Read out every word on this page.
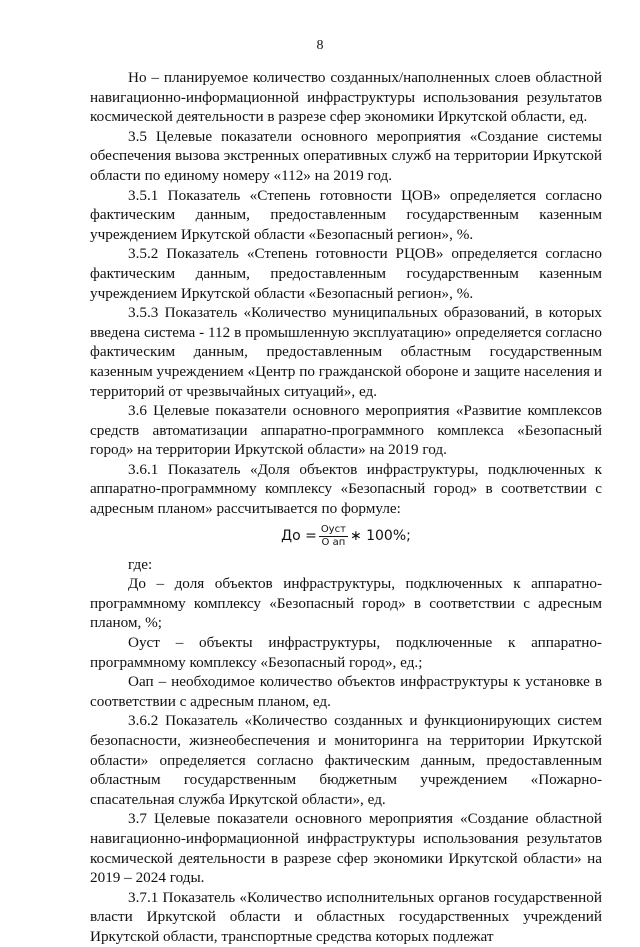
8

Но – планируемое количество созданных/наполненных слоев областной навигационно-информационной инфраструктуры использования результатов космической деятельности в разрезе сфер экономики Иркутской области, ед.

3.5 Целевые показатели основного мероприятия «Создание системы обеспечения вызова экстренных оперативных служб на территории Иркутской области по единому номеру «112» на 2019 год.

3.5.1 Показатель «Степень готовности ЦОВ» определяется согласно фактическим данным, предоставленным государственным казенным учреждением Иркутской области «Безопасный регион», %.

3.5.2 Показатель «Степень готовности РЦОВ» определяется согласно фактическим данным, предоставленным государственным казенным учреждением Иркутской области «Безопасный регион», %.

3.5.3 Показатель «Количество муниципальных образований, в которых введена система - 112 в промышленную эксплуатацию» определяется согласно фактическим данным, предоставленным областным государственным казенным учреждением «Центр по гражданской обороне и защите населения и территорий от чрезвычайных ситуаций», ед.

3.6 Целевые показатели основного мероприятия «Развитие комплексов средств автоматизации аппаратно-программного комплекса «Безопасный город» на территории Иркутской области» на 2019 год.

3.6.1 Показатель «Доля объектов инфраструктуры, подключенных к аппаратно-программному комплексу «Безопасный город» в соответствии с адресным планом» рассчитывается по формуле:

До = $\frac{\text{Оуст}}{\text{О ап}}$ ∗ 100%;

где:

До – доля объектов инфраструктуры, подключенных к аппаратно-программному комплексу «Безопасный город» в соответствии с адресным планом, %;

Оуст – объекты инфраструктуры, подключенные к аппаратно-программному комплексу «Безопасный город», ед.;

Оап – необходимое количество объектов инфраструктуры к установке в соответствии с адресным планом, ед.

3.6.2 Показатель «Количество созданных и функционирующих систем безопасности, жизнеобеспечения и мониторинга на территории Иркутской области» определяется согласно фактическим данным, предоставленным областным государственным бюджетным учреждением «Пожарно-спасательная служба Иркутской области», ед.

3.7 Целевые показатели основного мероприятия «Создание областной навигационно-информационной инфраструктуры использования результатов космической деятельности в разрезе сфер экономики Иркутской области» на 2019 – 2024 годы.

3.7.1 Показатель «Количество исполнительных органов государственной власти Иркутской области и областных государственных учреждений Иркутской области, транспортные средства которых подлежат
